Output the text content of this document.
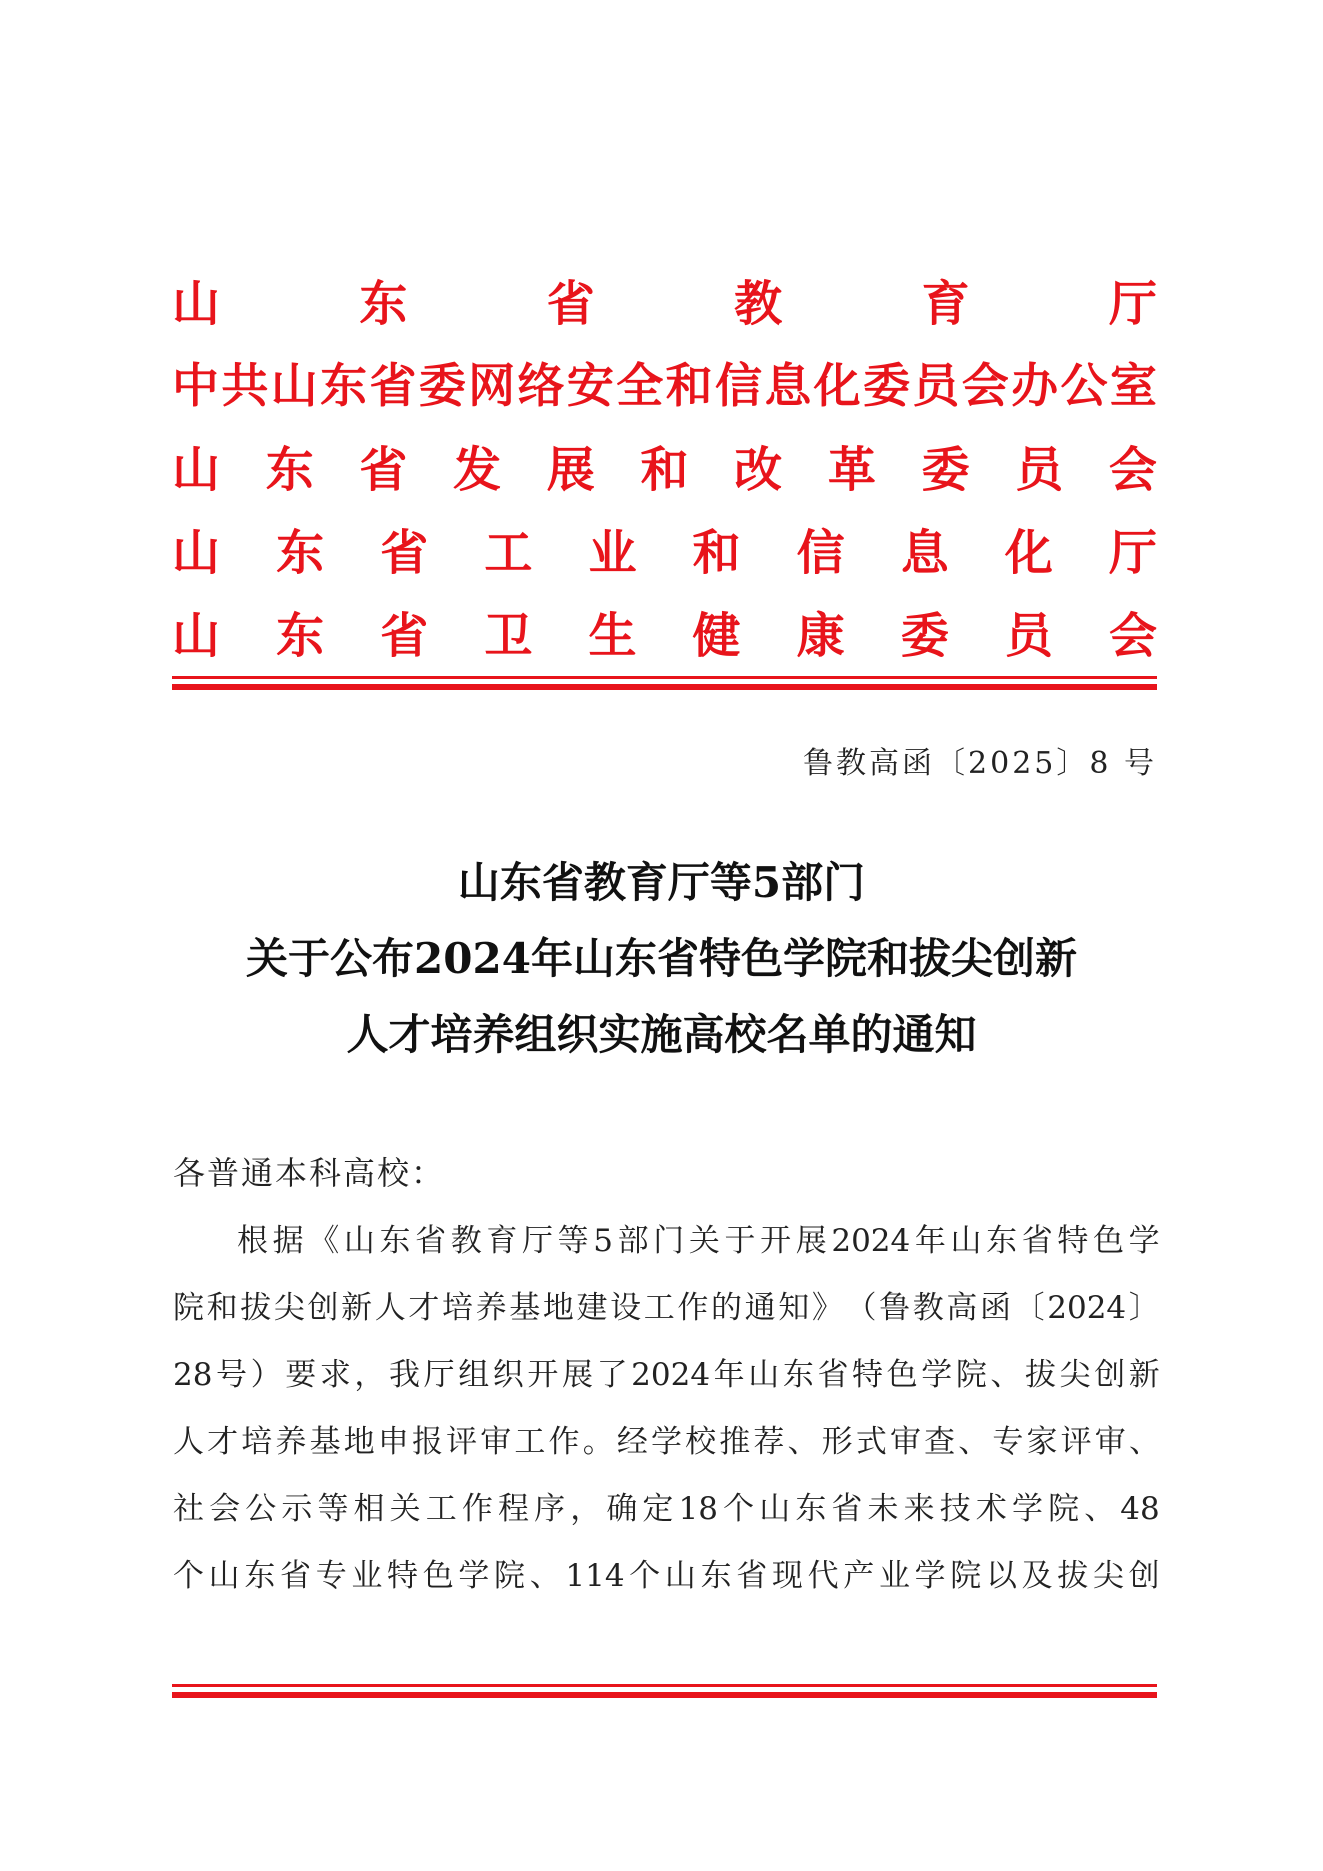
山	东	省	教	育	厅
中 共 山 东 省 委 网 络 安 全 和 信 息 化 委 员 会 办 公 室
山 东 省 发 展 和 改 革 委 员 会
山 东 省 工 业 和 信 息 化 厅
山 东 省 卫 生 健 康 委 员 会
鲁教高函〔2025〕8 号
山东省教育厅等5部门
关于公布2024年山东省特色学院和拔尖创新
人才培养组织实施高校名单的通知
各普通本科高校：
根 据 《 山 东 省 教 育 厅 等 5 部 门 关 于 开 展 2024 年 山 东 省 特 色 学
院 和 拔 尖 创 新 人 才 培 养 基 地 建 设 工 作 的 通 知 》 （ 鲁 教 高 函 〔 2024 〕
28 号 ） 要 求 ， 我 厅 组 织 开 展 了 2024 年 山 东 省 特 色 学 院 、 拔 尖 创 新
人 才 培 养 基 地 申 报 评 审 工 作 。 经 学 校 推 荐 、 形 式 审 查 、 专 家 评 审 、
社 会 公 示 等 相 关 工 作 程 序 ， 确 定 18 个 山 东 省 未 来 技 术 学 院 、 48
个 山 东 省 专 业 特 色 学 院 、 114 个 山 东 省 现 代 产 业 学 院 以 及 拔 尖 创
